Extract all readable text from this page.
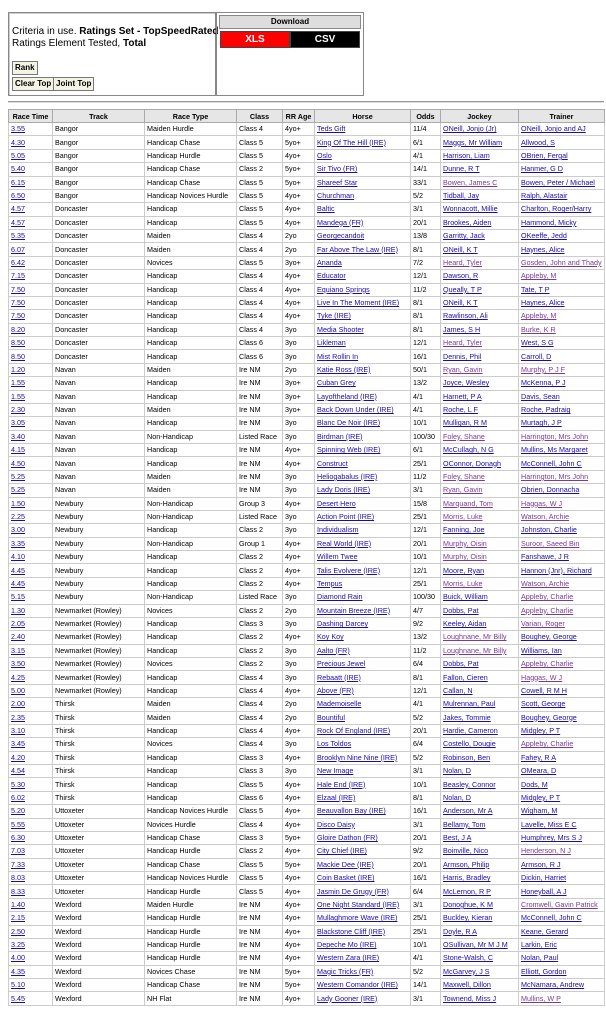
Criteria in use. Ratings Set - TopSpeedRated
Ratings Element Tested, Total
Rank
Clear Top Joint Top
Download
XLS	CSV
Race Time	Track	Race Type	Class	RR Age	Horse	Odds	Jockey	Trainer
3.55	Bangor	Maiden Hurdle	Class 4	4yo+	Teds Gift	11/4	ONeill, Jonjo (Jr)	ONeill, Jonjo and AJ
4.30	Bangor	Handicap Chase	Class 5	5yo+	King Of The Hill (IRE)	6/1	Maggs, Mr William	Allwood, S
5.05	Bangor	Handicap Hurdle	Class 5	4yo+	Oslo	4/1	Harrison, Liam	OBrien, Fergal
5.40	Bangor	Handicap Chase	Class 2	5yo+	Sir Tivo (FR)	14/1	Dunne, R T	Hanmer, G D
6.15	Bangor	Handicap Chase	Class 5	5yo+	Shareef Star	33/1	Bowen, James C	Bowen, Peter / Michael
6.50	Bangor	Handicap Novices Hurdle	Class 5	4yo+	Churchman	5/2	Tidball, Jay	Ralph, Alastair
4.57	Doncaster	Handicap	Class 5	4yo+	Baltic	3/1	Wonnacott, Millie	Charlton, Roger/Harry
4.57	Doncaster	Handicap	Class 5	4yo+	Mandega (FR)	20/1	Brookes, Aiden	Hammond, Micky
5.35	Doncaster	Maiden	Class 4	2yo	Georgecandoit	13/8	Garritty, Jack	OKeeffe, Jedd
6.07	Doncaster	Maiden	Class 4	2yo	Far Above The Law (IRE)	8/1	ONeill, K T	Haynes, Alice
6.42	Doncaster	Novices	Class 5	3yo+	Ananda	7/2	Heard, Tyler	Gosden, John and Thady
7.15	Doncaster	Handicap	Class 4	4yo+	Educator	12/1	Dawson, R	Appleby, M
7.50	Doncaster	Handicap	Class 4	4yo+	Equiano Springs	11/2	Queally, T P	Tate, T P
7.50	Doncaster	Handicap	Class 4	4yo+	Live In The Moment (IRE)	8/1	ONeill, K T	Haynes, Alice
7.50	Doncaster	Handicap	Class 4	4yo+	Tyke (IRE)	8/1	Rawlinson, Ali	Appleby, M
8.20	Doncaster	Handicap	Class 4	3yo	Media Shooter	8/1	James, S H	Burke, K R
8.50	Doncaster	Handicap	Class 6	3yo	Likleman	12/1	Heard, Tyler	West, S G
8.50	Doncaster	Handicap	Class 6	3yo	Mist Rollin In	16/1	Dennis, Phil	Carroll, D
1.20	Navan	Maiden	Ire NM	2yo	Katie Ross (IRE)	50/1	Ryan, Gavin	Murphy, P J F
1.55	Navan	Handicap	Ire NM	3yo+	Cuban Grey	13/2	Joyce, Wesley	McKenna, P J
1.55	Navan	Handicap	Ire NM	3yo+	Layoftheland (IRE)	4/1	Harnett, P A	Davis, Sean
2.30	Navan	Maiden	Ire NM	3yo+	Back Down Under (IRE)	4/1	Roche, L F	Roche, Padraig
3.05	Navan	Handicap	Ire NM	3yo	Blanc De Noir (IRE)	10/1	Mulligan, R M	Murtagh, J P
3.40	Navan	Non-Handicap	Listed Race	3yo	Birdman (IRE)	100/30	Foley, Shane	Harrington, Mrs John
4.15	Navan	Handicap	Ire NM	4yo+	Spinning Web (IRE)	6/1	McCullagh, N G	Mullins, Ms Margaret
4.50	Navan	Handicap	Ire NM	4yo+	Construct	25/1	OConnor, Donagh	McConnell, John C
5.25	Navan	Maiden	Ire NM	3yo	Heliogabalus (IRE)	11/2	Foley, Shane	Harrington, Mrs John
5.25	Navan	Maiden	Ire NM	3yo	Lady Doris (IRE)	3/1	Ryan, Gavin	Obrien, Donnacha
1.50	Newbury	Non-Handicap	Group 3	4yo+	Desert Hero	15/8	Marquand, Tom	Haggas, W J
2.25	Newbury	Non-Handicap	Listed Race	3yo	Action Point (IRE)	25/1	Morris, Luke	Watson, Archie
3.00	Newbury	Handicap	Class 2	3yo	Individualism	12/1	Fanning, Joe	Johnston, Charlie
3.35	Newbury	Non-Handicap	Group 1	4yo+	Real World (IRE)	20/1	Murphy, Oisin	Suroor, Saeed Bin
4.10	Newbury	Handicap	Class 2	4yo+	Willem Twee	10/1	Murphy, Oisin	Fanshawe, J R
4.45	Newbury	Handicap	Class 2	4yo+	Talis Evolvere (IRE)	12/1	Moore, Ryan	Hannon (Jnr), Richard
4.45	Newbury	Handicap	Class 2	4yo+	Tempus	25/1	Morris, Luke	Watson, Archie
5.15	Newbury	Non-Handicap	Listed Race	3yo	Diamond Rain	100/30	Buick, William	Appleby, Charlie
1.30	Newmarket (Rowley)	Novices	Class 2	2yo	Mountain Breeze (IRE)	4/7	Dobbs, Pat	Appleby, Charlie
2.05	Newmarket (Rowley)	Handicap	Class 3	3yo	Dashing Darcey	9/2	Keeley, Aidan	Varian, Roger
2.40	Newmarket (Rowley)	Handicap	Class 2	4yo+	Koy Koy	13/2	Loughnane, Mr Billy	Boughey, George
3.15	Newmarket (Rowley)	Handicap	Class 2	3yo	Aalto (FR)	11/2	Loughnane, Mr Billy	Williams, Ian
3.50	Newmarket (Rowley)	Novices	Class 2	3yo	Precious Jewel	6/4	Dobbs, Pat	Appleby, Charlie
4.25	Newmarket (Rowley)	Handicap	Class 4	3yo	Rebaatt (IRE)	8/1	Fallon, Cieren	Haggas, W J
5.00	Newmarket (Rowley)	Handicap	Class 4	4yo+	Above (FR)	12/1	Callan, N	Cowell, R M H
2.00	Thirsk	Maiden	Class 4	2yo	Mademoiselle	4/1	Mulrennan, Paul	Scott, George
2.35	Thirsk	Maiden	Class 4	2yo	Bountiful	5/2	Jakes, Tommie	Boughey, George
3.10	Thirsk	Handicap	Class 4	4yo+	Rock Of England (IRE)	20/1	Hardie, Cameron	Midgley, P T
3.45	Thirsk	Novices	Class 4	3yo	Los Toldos	6/4	Costello, Dougie	Appleby, Charlie
4.20	Thirsk	Handicap	Class 3	4yo+	Brooklyn Nine Nine (IRE)	5/2	Robinson, Ben	Fahey, R A
4.54	Thirsk	Handicap	Class 3	3yo	New Image	3/1	Nolan, D	OMeara, D
5.30	Thirsk	Handicap	Class 5	4yo+	Hale End (IRE)	10/1	Beasley, Connor	Dods, M
6.02	Thirsk	Handicap	Class 6	4yo+	Elzaal (IRE)	8/1	Nolan, D	Midgley, P T
5.20	Uttoxeter	Handicap Novices Hurdle	Class 5	4yo+	Beauvallon Bay (IRE)	16/1	Anderson, Mr A	Wigham, M
5.55	Uttoxeter	Novices Hurdle	Class 4	4yo+	Disco Daisy	3/1	Bellamy, Tom	Lavelle, Miss E C
6.30	Uttoxeter	Handicap Chase	Class 3	5yo+	Gloire Dathon (FR)	20/1	Best, J A	Humphrey, Mrs S J
7.03	Uttoxeter	Handicap Hurdle	Class 2	4yo+	City Chief (IRE)	9/2	Boinville, Nico	Henderson, N J
7.33	Uttoxeter	Handicap Chase	Class 5	5yo+	Mackie Dee (IRE)	20/1	Armson, Philip	Armson, R J
8.03	Uttoxeter	Handicap Novices Hurdle	Class 5	4yo+	Coin Basket (IRE)	16/1	Harris, Bradley	Dickin, Harriet
8.33	Uttoxeter	Handicap Hurdle	Class 5	4yo+	Jasmin De Grugy (FR)	6/4	McLernon, R P	Honeyball, A J
1.40	Wexford	Maiden Hurdle	Ire NM	4yo+	One Night Standard (IRE)	3/1	Donoghue, K M	Cromwell, Gavin Patrick
2.15	Wexford	Handicap Hurdle	Ire NM	4yo+	Mullaghmore Wave (IRE)	25/1	Buckley, Kieran	McConnell, John C
2.50	Wexford	Handicap Hurdle	Ire NM	4yo+	Blackstone Cliff (IRE)	25/1	Doyle, R A	Keane, Gerard
3.25	Wexford	Handicap Hurdle	Ire NM	4yo+	Depeche Mo (IRE)	10/1	OSullivan, Mr M J M	Larkin, Eric
4.00	Wexford	Handicap Hurdle	Ire NM	4yo+	Western Zara (IRE)	4/1	Stone-Walsh, C	Nolan, Paul
4.35	Wexford	Novices Chase	Ire NM	5yo+	Magic Tricks (FR)	5/2	McGarvey, J S	Elliott, Gordon
5.10	Wexford	Handicap Chase	Ire NM	5yo+	Western Comandor (IRE)	14/1	Maxwell, Dillon	McNamara, Andrew
5.45	Wexford	NH Flat	Ire NM	4yo+	Lady Gooner (IRE)	3/1	Townend, Miss J	Mullins, W P
